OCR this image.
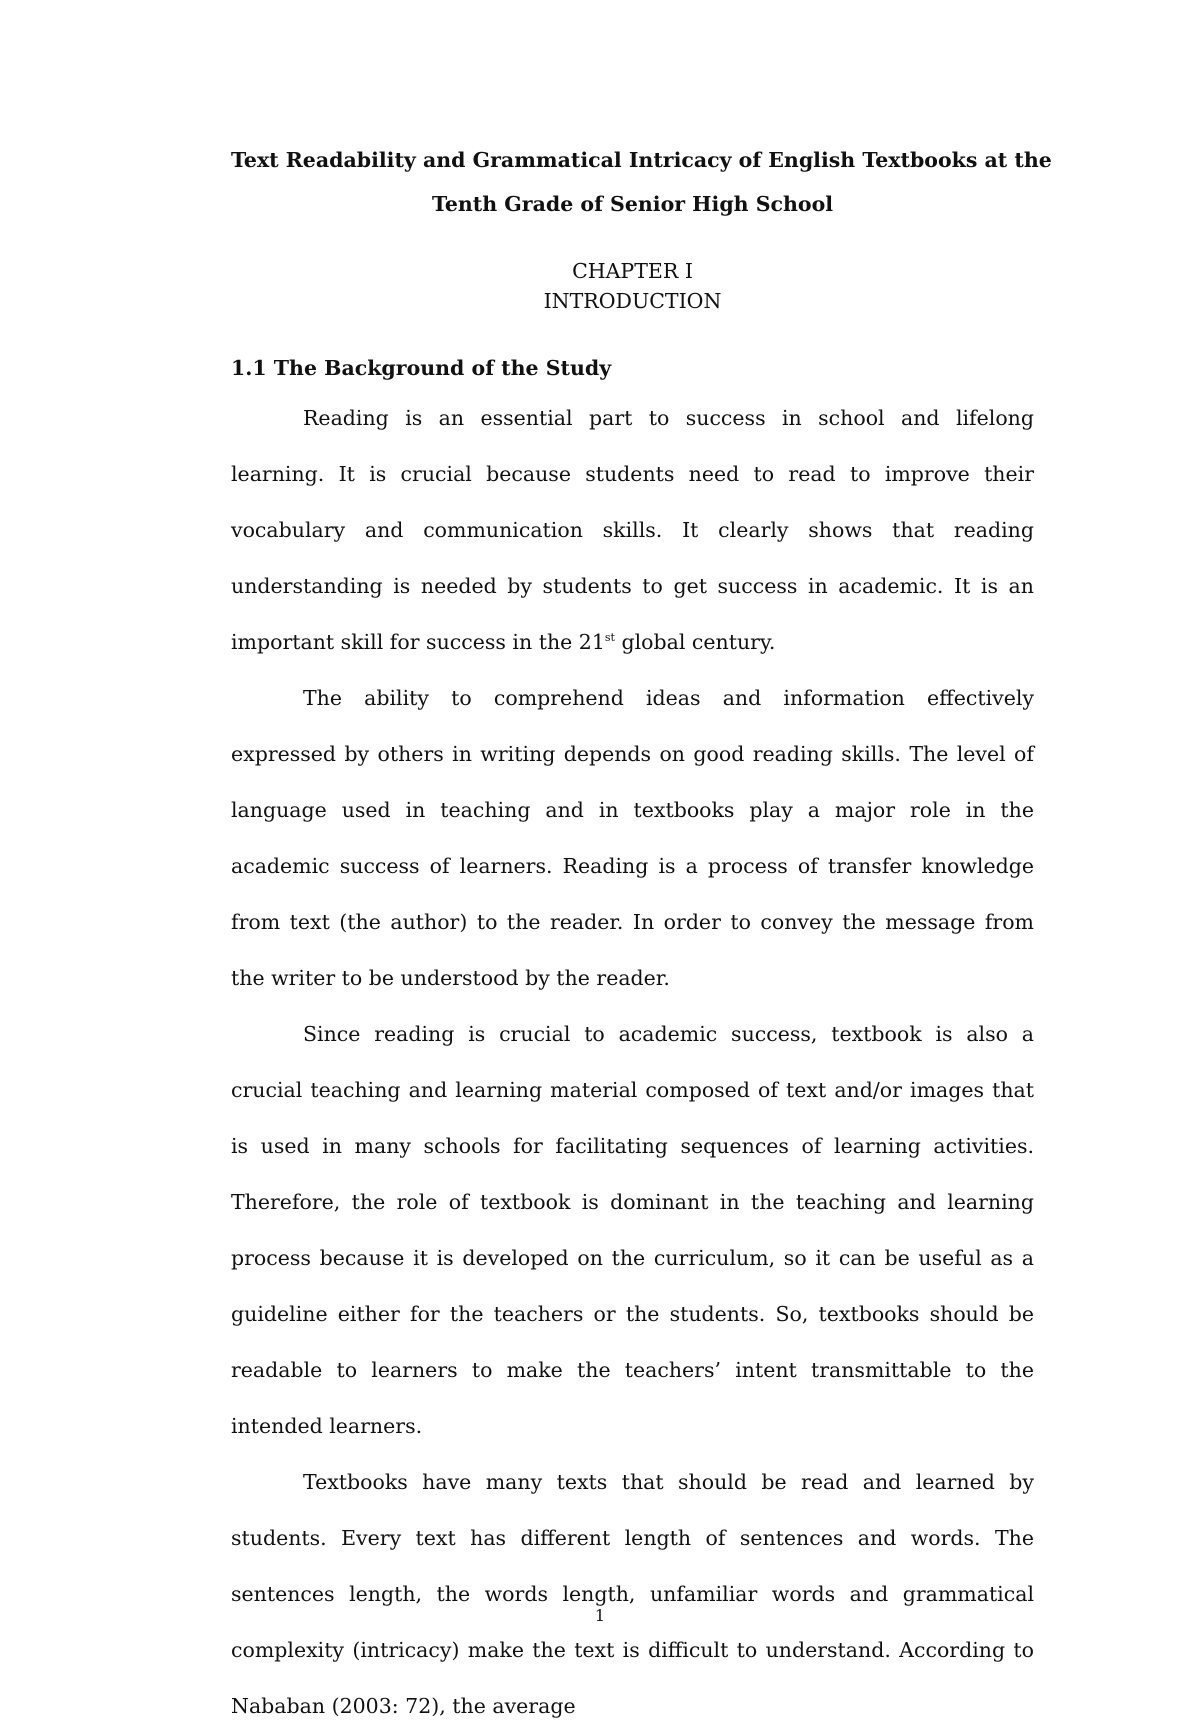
Text Readability and Grammatical Intricacy of English Textbooks at the
Tenth Grade of Senior High School
CHAPTER I
INTRODUCTION
1.1 The Background of the Study

Reading is an essential part to success in school and lifelong learning. It is crucial because students need to read to improve their vocabulary and communication skills. It clearly shows that reading understanding is needed by students to get success in academic. It is an important skill for success in the 21st global century.

The ability to comprehend ideas and information effectively expressed by others in writing depends on good reading skills. The level of language used in teaching and in textbooks play a major role in the academic success of learners. Reading is a process of transfer knowledge from text (the author) to the reader. In order to convey the message from the writer to be understood by the reader.

Since reading is crucial to academic success, textbook is also a crucial teaching and learning material composed of text and/or images that is used in many schools for facilitating sequences of learning activities. Therefore, the role of textbook is dominant in the teaching and learning process because it is developed on the curriculum, so it can be useful as a guideline either for the teachers or the students. So, textbooks should be readable to learners to make the teachers’ intent transmittable to the intended learners.

Textbooks have many texts that should be read and learned by students. Every text has different length of sentences and words. The sentences length, the words length, unfamiliar words and grammatical complexity (intricacy) make the text is difficult to understand. According to Nababan (2003: 72), the average

1
